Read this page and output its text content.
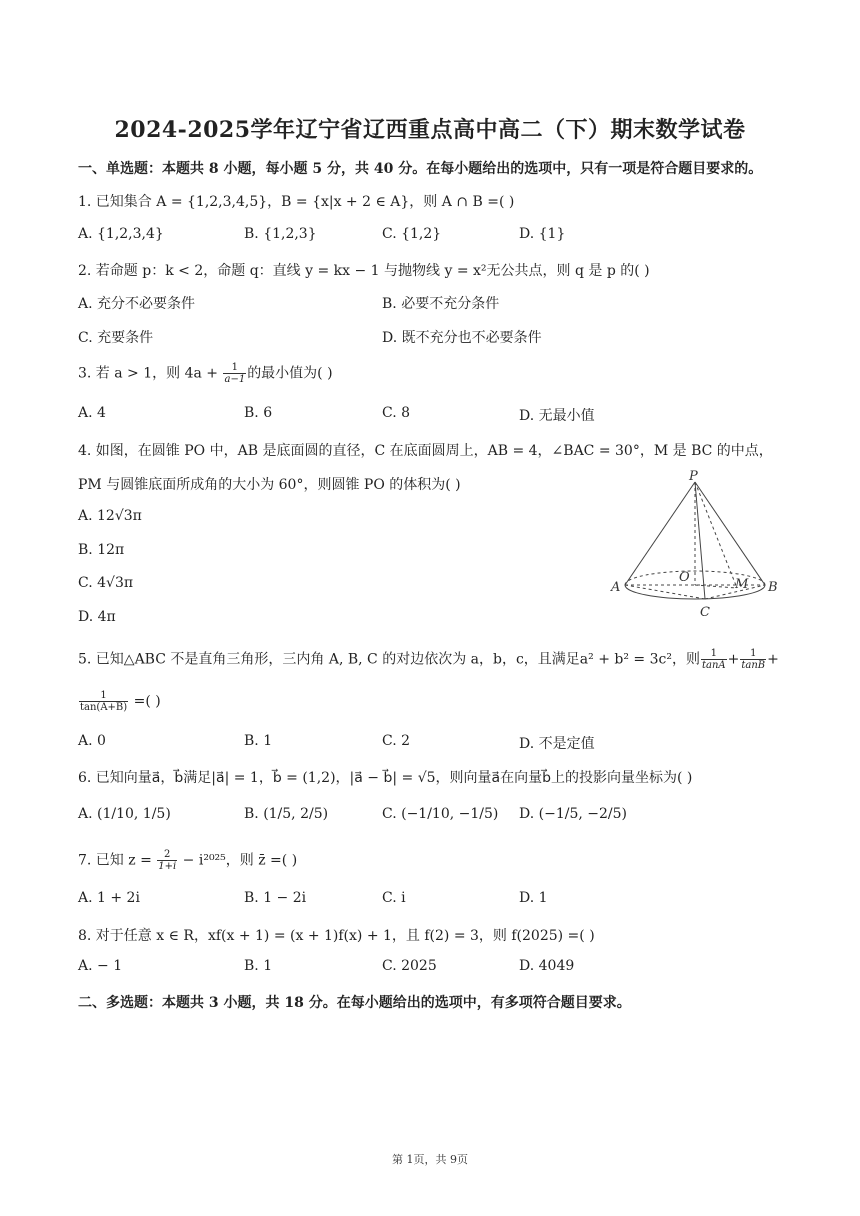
2024-2025学年辽宁省辽西重点高中高二（下）期末数学试卷
一、单选题：本题共 8 小题，每小题 5 分，共 40 分。在每小题给出的选项中，只有一项是符合题目要求的。
1. 已知集合 A = {1,2,3,4,5}，B = {x|x + 2 ∈ A}，则 A ∩ B =( )
A. {1,2,3,4}	B. {1,2,3}	C. {1,2}	D. {1}
2. 若命题 p：k < 2，命题 q：直线 y = kx − 1 与抛物线 y = x²无公共点，则 q 是 p 的( )
A. 充分不必要条件	B. 必要不充分条件
C. 充要条件	D. 既不充分也不必要条件
3. 若 a > 1，则 $4a + \frac{1}{a-1}$ 的最小值为( )
A. 4	B. 6	C. 8	D. 无最小值
4. 如图，在圆锥 PO 中，AB 是底面圆的直径，C 在底面圆周上，AB = 4，∠BAC = 30°，M 是 BC 的中点，
PM 与圆锥底面所成角的大小为 60°，则圆锥 PO 的体积为( )
A. 12√3π
B. 12π
C. 4√3π
D. 4π
P
A	B
C
O	M
5. 已知△ABC 不是直角三角形，三内角 A, B, C 的对边依次为 a，b，c，且满足a² + b² = 3c²，则 $\frac{1}{\tan A} + \frac{1}{\tan B}$ +
$\frac{1}{\tan(A+B)}$ =( )
A. 0	B. 1	C. 2	D. 不是定值
6. 已知向量a⃗，b⃗满足|a⃗| = 1，b⃗ = (1,2)，|a⃗ − b⃗| = √5，则向量a⃗在向量b⃗上的投影向量坐标为( )
A. (1/10, 1/5)	B. (1/5, 2/5)	C. (−1/10, −1/5) D. (−1/5, −2/5)
7. 已知 $z = \frac{2}{1+i} - i^{2025}$，则 z̄ =( )
A. 1 + 2i	B. 1 − 2i	C. i	D. 1
8. 对于任意 x ∈ R，xf(x + 1) = (x + 1)f(x) + 1，且 f(2) = 3，则 f(2025) =( )
A. − 1	B. 1	C. 2025	D. 4049
二、多选题：本题共 3 小题，共 18 分。在每小题给出的选项中，有多项符合题目要求。
第 1页，共 9页
